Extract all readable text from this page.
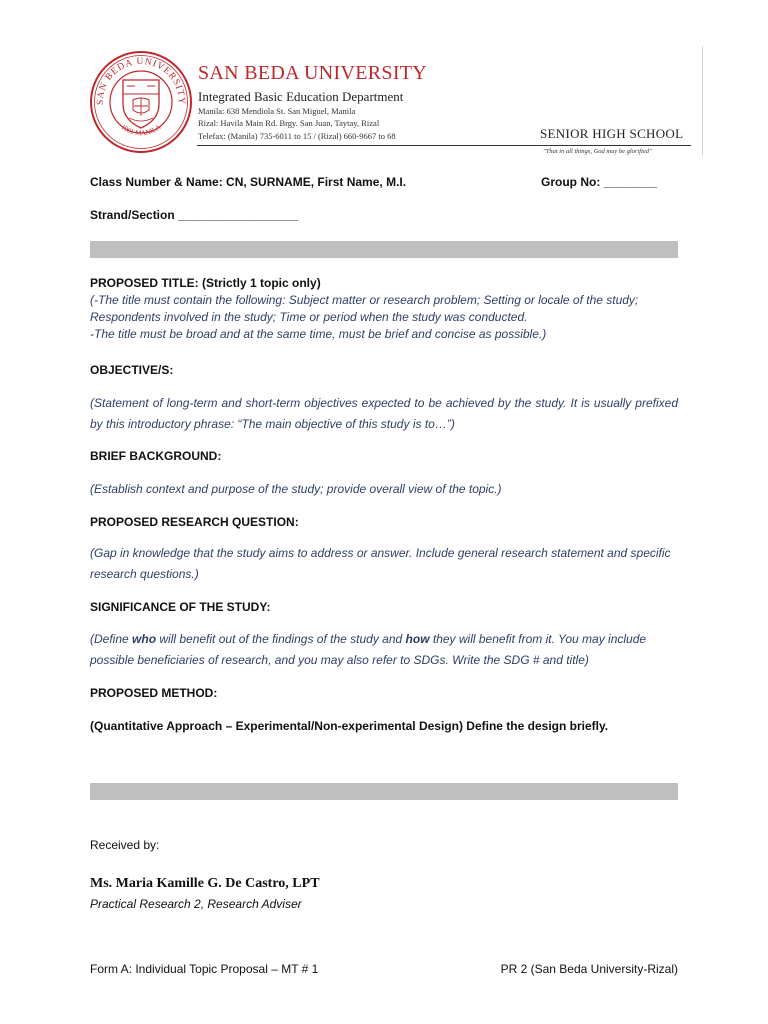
SAN BEDA UNIVERSITY
1901 MANILA
SAN BEDA UNIVERSITY
Integrated Basic Education Department
Manila: 638 Mendiola St. San Miguel, Manila
Rizal: Havila Main Rd. Brgy. San Juan, Taytay, Rizal
Telefax: (Manila) 735-6011 to 15 / (Rizal) 660-9667 to 68	SENIOR HIGH SCHOOL
"That in all things, God may be glorified"
Class Number & Name: CN, SURNAME, First Name, M.I.	Group No: ________
Strand/Section __________________
PROPOSED TITLE: (Strictly 1 topic only)
(-The title must contain the following: Subject matter or research problem; Setting or locale of the study; Respondents involved in the study; Time or period when the study was conducted.
-The title must be broad and at the same time, must be brief and concise as possible.)
OBJECTIVE/S:
(Statement of long-term and short-term objectives expected to be achieved by the study. It is usually prefixed by this introductory phrase: “The main objective of this study is to…”)
BRIEF BACKGROUND:
(Establish context and purpose of the study; provide overall view of the topic.)
PROPOSED RESEARCH QUESTION:
(Gap in knowledge that the study aims to address or answer. Include general research statement and specific research questions.)
SIGNIFICANCE OF THE STUDY:
(Define who will benefit out of the findings of the study and how they will benefit from it. You may include possible beneficiaries of research, and you may also refer to SDGs. Write the SDG # and title)
PROPOSED METHOD:
(Quantitative Approach – Experimental/Non-experimental Design) Define the design briefly.
Received by:
Ms. Maria Kamille G. De Castro, LPT
Practical Research 2, Research Adviser
Form A: Individual Topic Proposal – MT # 1	PR 2 (San Beda University-Rizal)
